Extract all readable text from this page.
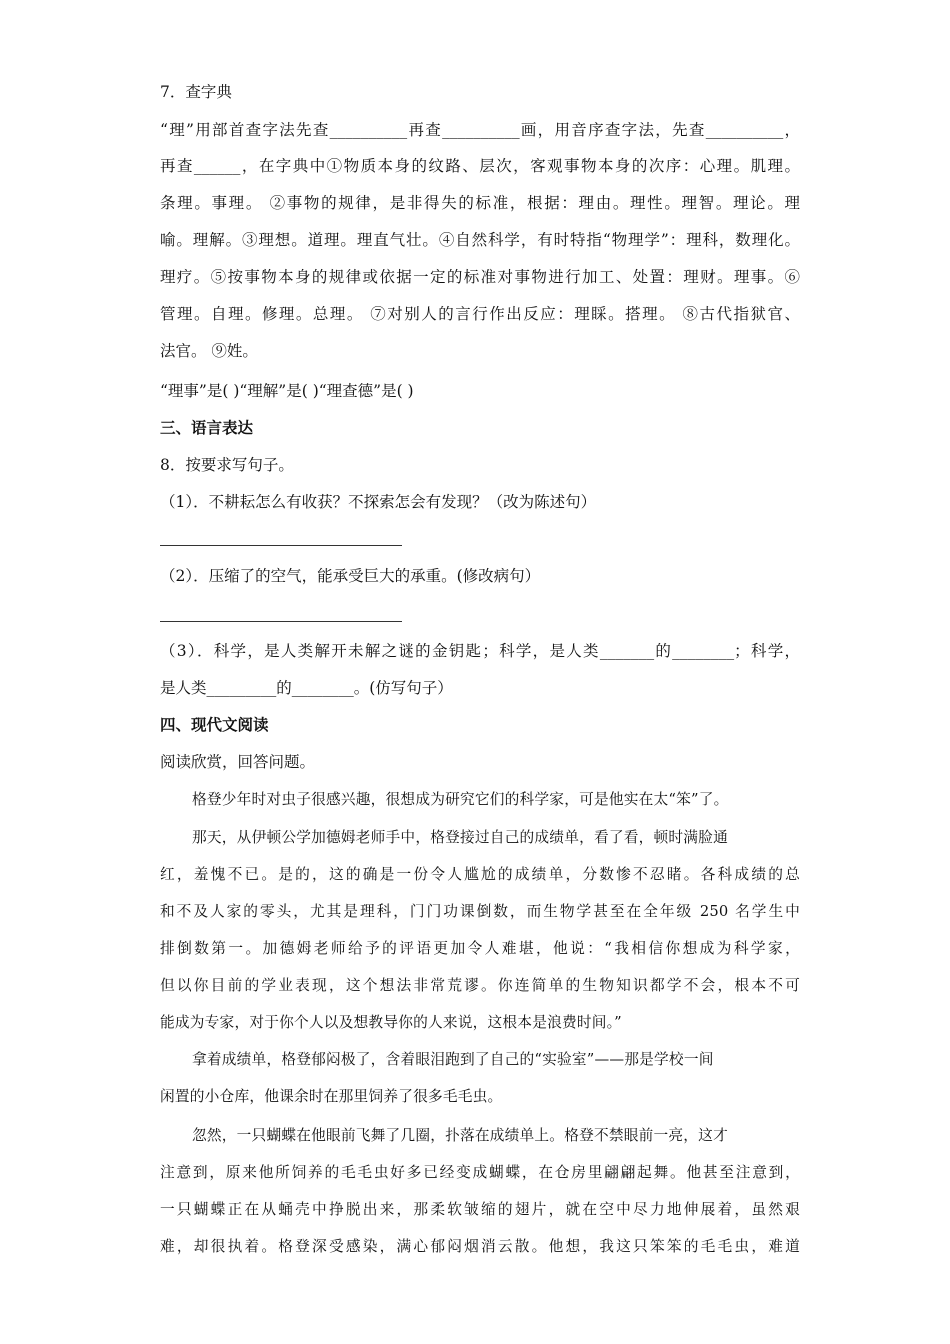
7．查字典
“理”用部首查字法先查__________再查__________画，用音序查字法，先查__________，
再查______，在字典中①物质本身的纹路、层次，客观事物本身的次序：心理。肌理。
条理。事理。 ②事物的规律，是非得失的标准，根据：理由。理性。理智。理论。理
喻。理解。③理想。道理。理直气壮。④自然科学，有时特指“物理学”：理科，数理化。
理疗。⑤按事物本身的规律或依据一定的标准对事物进行加工、处置：理财。理事。⑥
管理。自理。修理。总理。 ⑦对别人的言行作出反应：理睬。搭理。 ⑧古代指狱官、
法官。 ⑨姓。
“理事”是( )“理解”是( )“理查德”是( )
三、语言表达
8．按要求写句子。
（1）．不耕耘怎么有收获？不探索怎会有发现？（改为陈述句）
（2）．压缩了的空气，能承受巨大的承重。(修改病句）
（3）．科学，是人类解开未解之谜的金钥匙；科学，是人类_______的________；科学，
是人类_________的________。(仿写句子）
四、现代文阅读
阅读欣赏，回答问题。
格登少年时对虫子很感兴趣，很想成为研究它们的科学家，可是他实在太“笨”了。
那天，从伊顿公学加德姆老师手中，格登接过自己的成绩单，看了看，顿时满脸通
红，羞愧不已。是的，这的确是一份令人尴尬的成绩单，分数惨不忍睹。各科成绩的总
和不及人家的零头，尤其是理科，门门功课倒数，而生物学甚至在全年级 250 名学生中
排倒数第一。加德姆老师给予的评语更加令人难堪，他说：“我相信你想成为科学家，
但以你目前的学业表现，这个想法非常荒谬。你连简单的生物知识都学不会，根本不可
能成为专家，对于你个人以及想教导你的人来说，这根本是浪费时间。”
拿着成绩单，格登郁闷极了，含着眼泪跑到了自己的“实验室”——那是学校一间
闲置的小仓库，他课余时在那里饲养了很多毛毛虫。
忽然，一只蝴蝶在他眼前飞舞了几圈，扑落在成绩单上。格登不禁眼前一亮，这才
注意到，原来他所饲养的毛毛虫好多已经变成蝴蝶，在仓房里翩翩起舞。他甚至注意到，
一只蝴蝶正在从蛹壳中挣脱出来，那柔软皱缩的翅片，就在空中尽力地伸展着，虽然艰
难，却很执着。格登深受感染，满心郁闷烟消云散。他想，我这只笨笨的毛毛虫，难道
